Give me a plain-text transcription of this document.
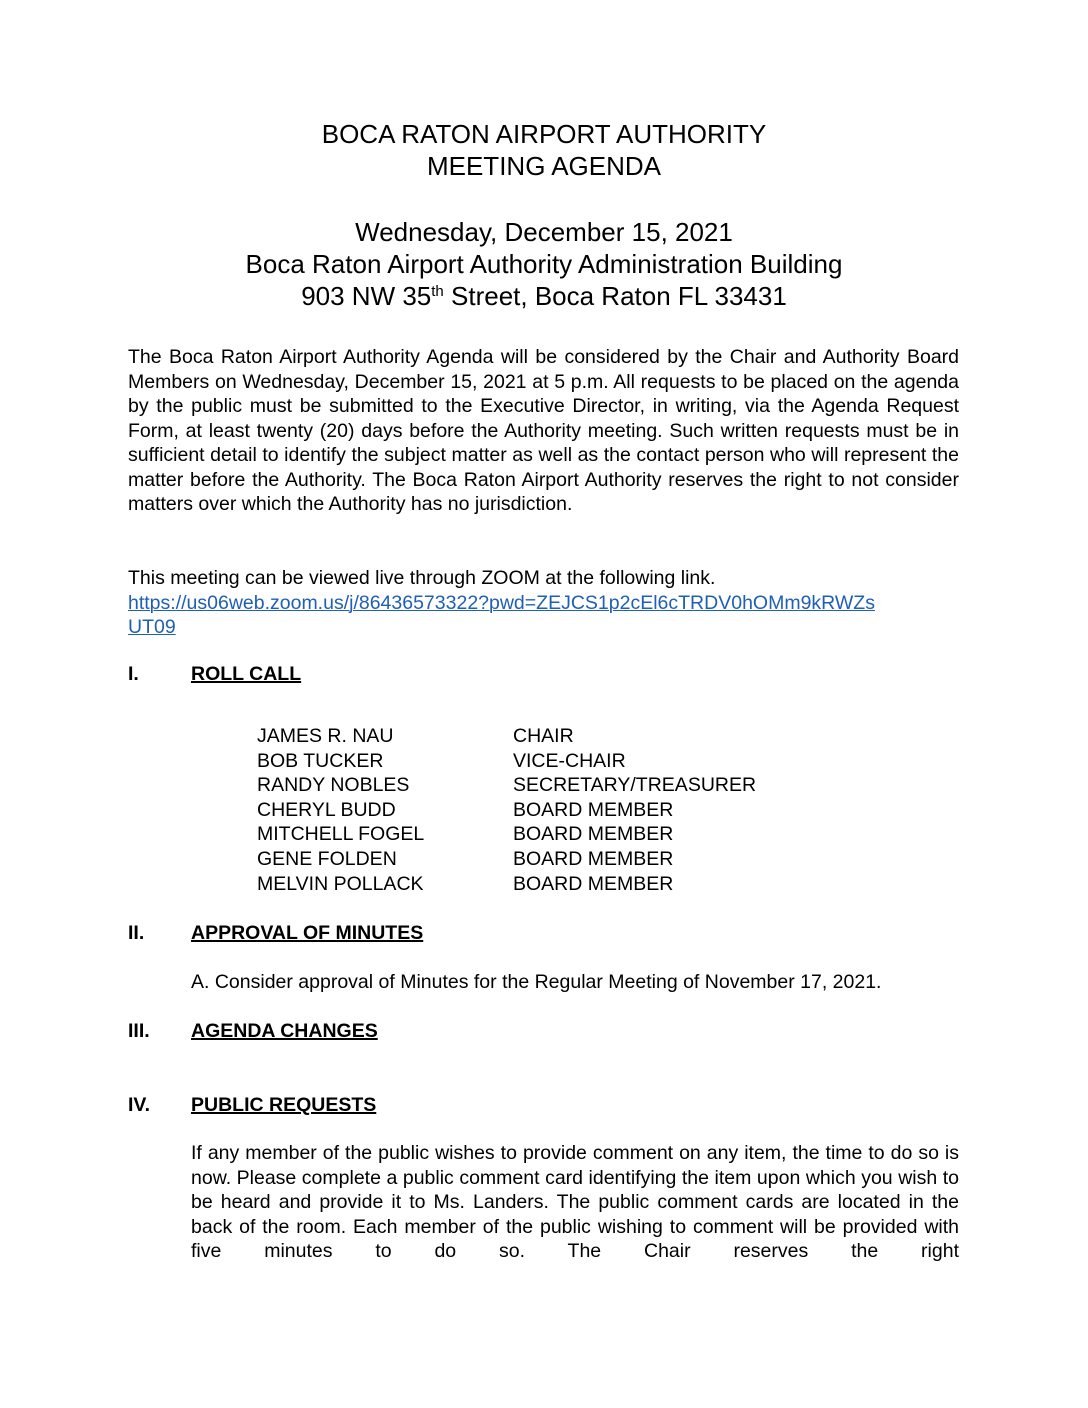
BOCA RATON AIRPORT AUTHORITY
MEETING AGENDA
Wednesday, December 15, 2021
Boca Raton Airport Authority Administration Building
903 NW 35th Street, Boca Raton FL 33431
The Boca Raton Airport Authority Agenda will be considered by the Chair and Authority Board Members on Wednesday, December 15, 2021 at 5 p.m. All requests to be placed on the agenda by the public must be submitted to the Executive Director, in writing, via the Agenda Request Form, at least twenty (20) days before the Authority meeting. Such written requests must be in sufficient detail to identify the subject matter as well as the contact person who will represent the matter before the Authority. The Boca Raton Airport Authority reserves the right to not consider matters over which the Authority has no jurisdiction.
This meeting can be viewed live through ZOOM at the following link.
https://us06web.zoom.us/j/86436573322?pwd=ZEJCS1p2cEl6cTRDV0hOMm9kRWZs
UT09
I.	ROLL CALL
JAMES R. NAU	CHAIR
BOB TUCKER	VICE-CHAIR
RANDY NOBLES	SECRETARY/TREASURER
CHERYL BUDD	BOARD MEMBER
MITCHELL FOGEL	BOARD MEMBER
GENE FOLDEN	BOARD MEMBER
MELVIN POLLACK	BOARD MEMBER
II. APPROVAL OF MINUTES
A. Consider approval of Minutes for the Regular Meeting of November 17, 2021.
III. AGENDA CHANGES
IV. PUBLIC REQUESTS
If any member of the public wishes to provide comment on any item, the time to do so is now. Please complete a public comment card identifying the item upon which you wish to be heard and provide it to Ms. Landers. The public comment cards are located in the back of the room. Each member of the public wishing to comment will be provided with five minutes to do so. The Chair reserves the right
